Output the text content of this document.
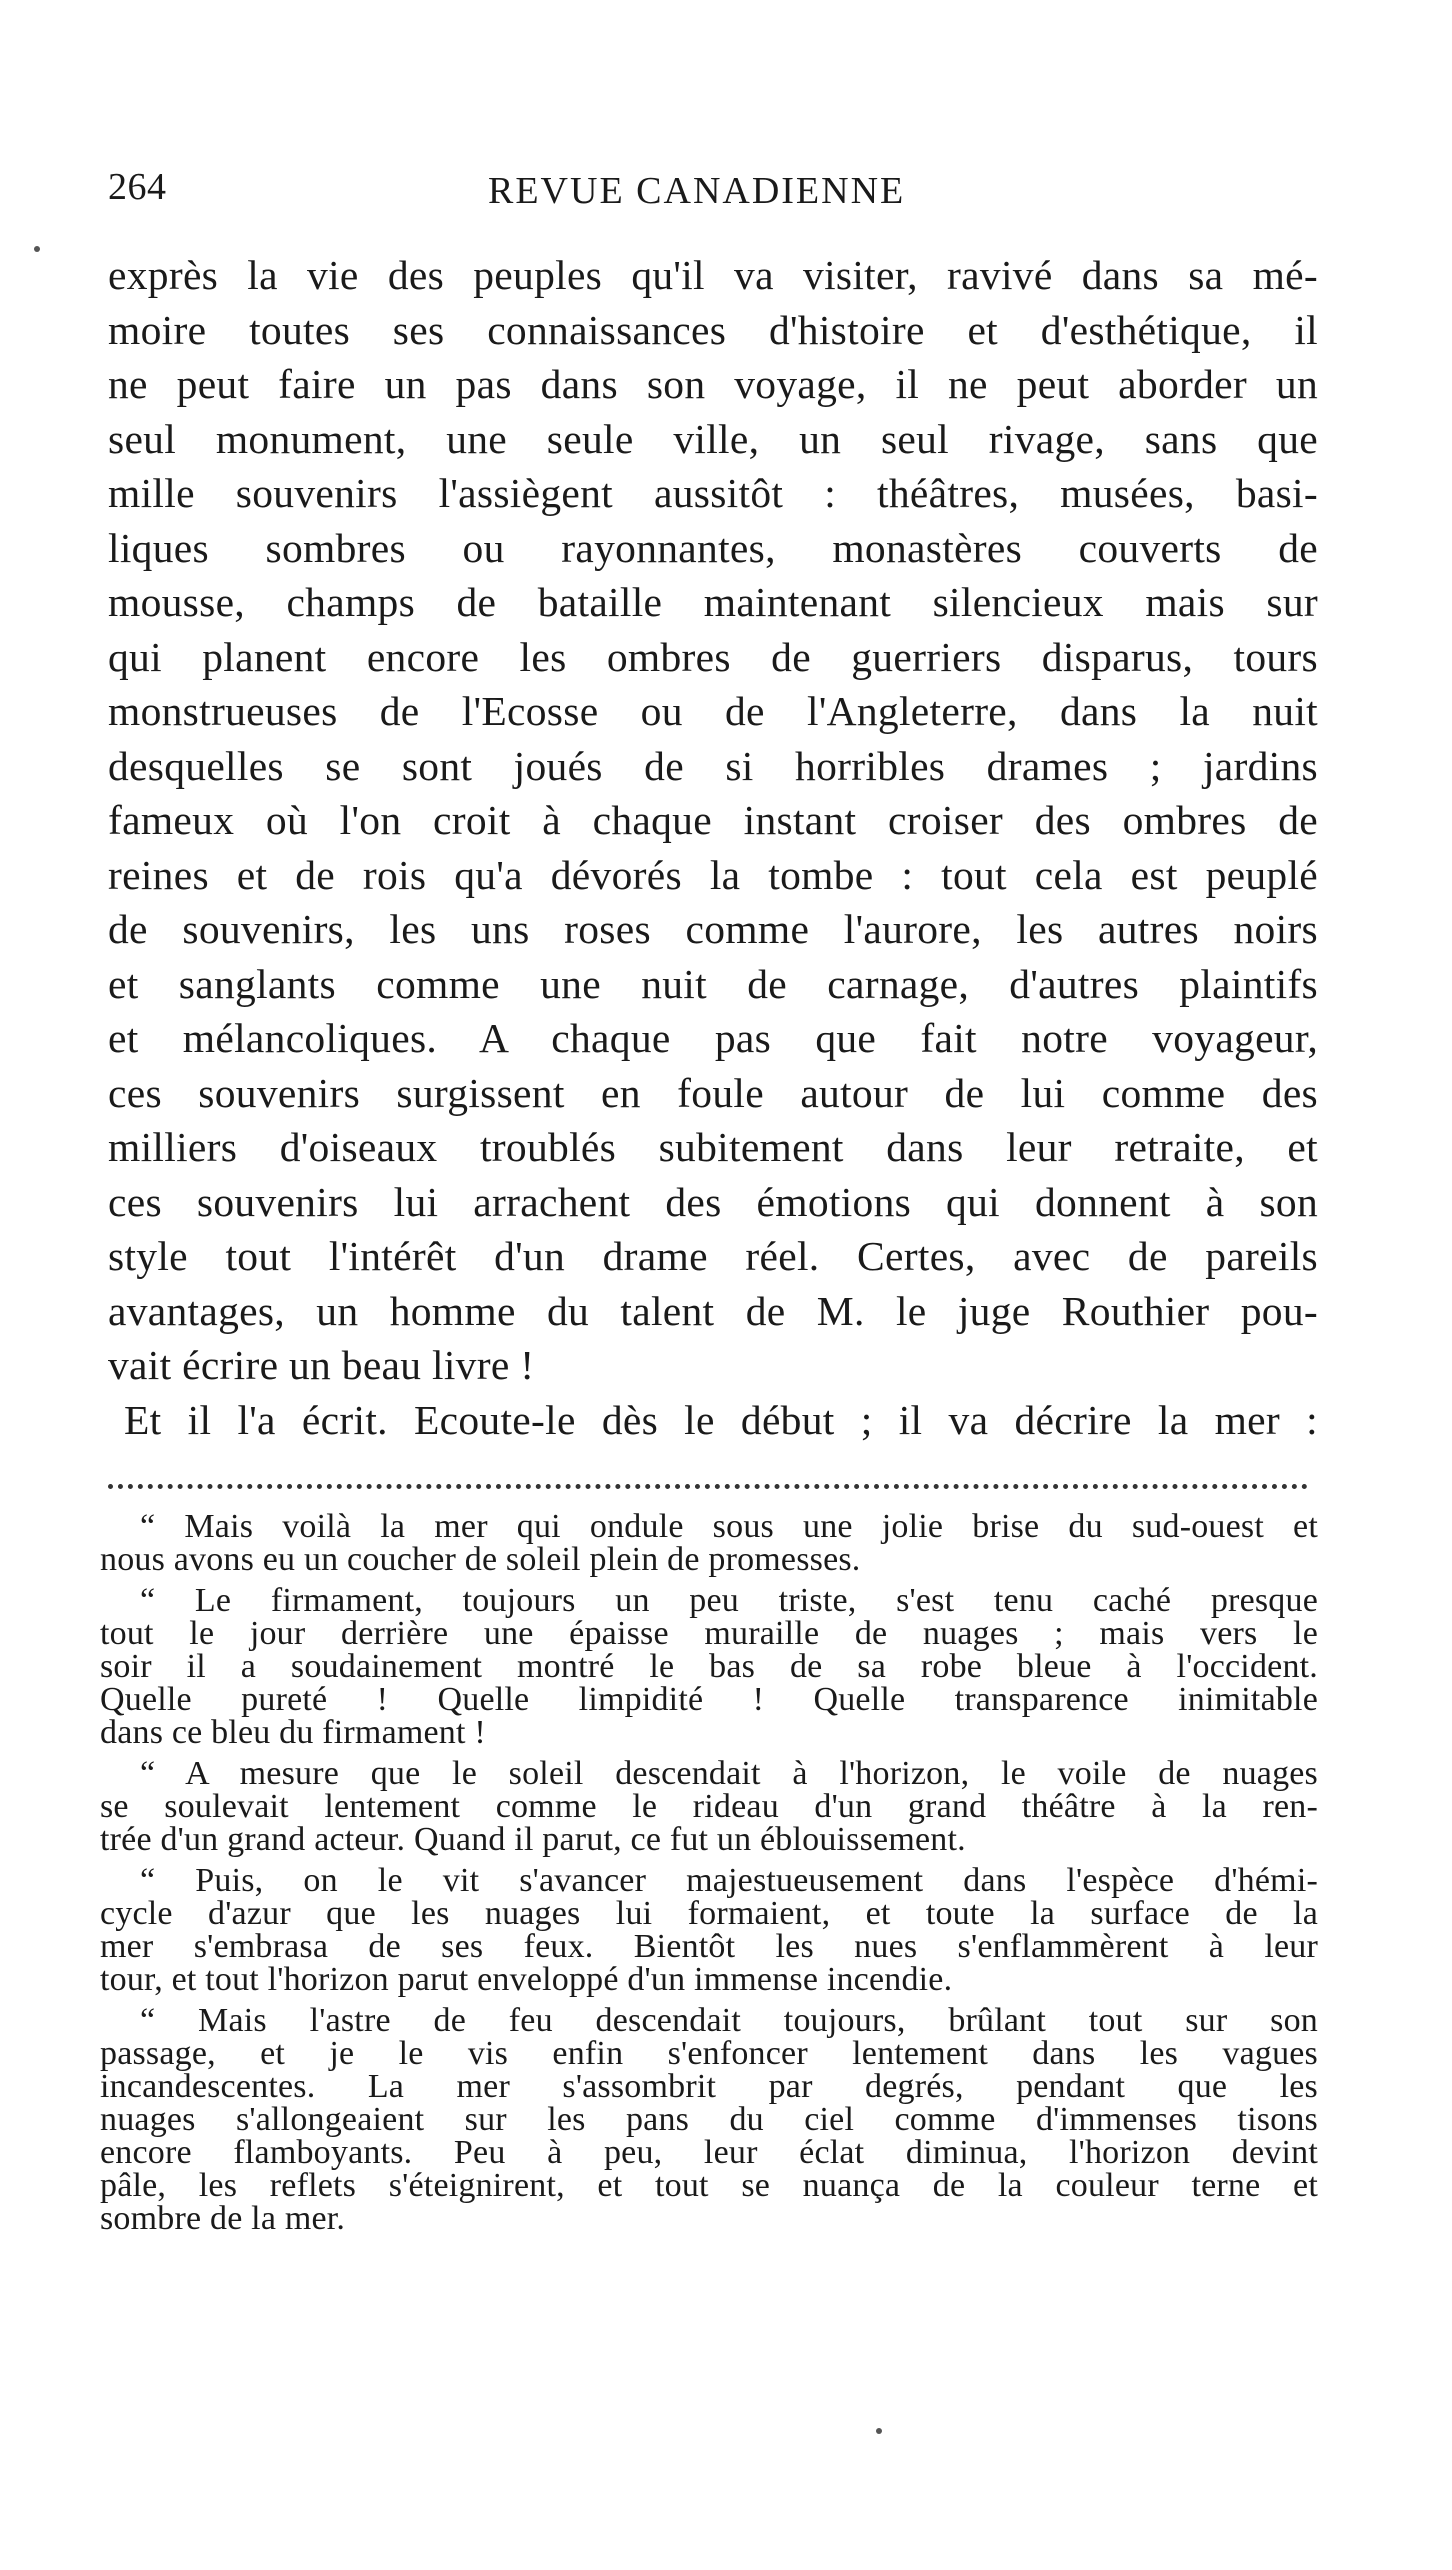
264	REVUE CANADIENNE
exprès la vie des peuples qu'il va visiter, ravivé dans sa mé-
moire toutes ses connaissances d'histoire et d'esthétique, il
ne peut faire un pas dans son voyage, il ne peut aborder un
seul monument, une seule ville, un seul rivage, sans que
mille souvenirs l'assiègent aussitôt : théâtres, musées, basi-
liques sombres ou rayonnantes, monastères couverts de
mousse, champs de bataille maintenant silencieux mais sur
qui planent encore les ombres de guerriers disparus, tours
monstrueuses de l'Ecosse ou de l'Angleterre, dans la nuit
desquelles se sont joués de si horribles drames ; jardins
fameux où l'on croit à chaque instant croiser des ombres de
reines et de rois qu'a dévorés la tombe : tout cela est peuplé
de souvenirs, les uns roses comme l'aurore, les autres noirs
et sanglants comme une nuit de carnage, d'autres plaintifs
et mélancoliques. A chaque pas que fait notre voyageur,
ces souvenirs surgissent en foule autour de lui comme des
milliers d'oiseaux troublés subitement dans leur retraite, et
ces souvenirs lui arrachent des émotions qui donnent à son
style tout l'intérêt d'un drame réel. Certes, avec de pareils
avantages, un homme du talent de M. le juge Routhier pou-
vait écrire un beau livre !
Et il l'a écrit. Ecoute-le dès le début ; il va décrire la mer :
“ Mais voilà la mer qui ondule sous une jolie brise du sud-ouest et
nous avons eu un coucher de soleil plein de promesses.
“ Le firmament, toujours un peu triste, s'est tenu caché presque
tout le jour derrière une épaisse muraille de nuages ; mais vers le
soir il a soudainement montré le bas de sa robe bleue à l'occident.
Quelle pureté ! Quelle limpidité ! Quelle transparence inimitable
dans ce bleu du firmament !
“ A mesure que le soleil descendait à l'horizon, le voile de nuages
se soulevait lentement comme le rideau d'un grand théâtre à la ren-
trée d'un grand acteur. Quand il parut, ce fut un éblouissement.
“ Puis, on le vit s'avancer majestueusement dans l'espèce d'hémi-
cycle d'azur que les nuages lui formaient, et toute la surface de la
mer s'embrasa de ses feux. Bientôt les nues s'enflammèrent à leur
tour, et tout l'horizon parut enveloppé d'un immense incendie.
“ Mais l'astre de feu descendait toujours, brûlant tout sur son
passage, et je le vis enfin s'enfoncer lentement dans les vagues
incandescentes. La mer s'assombrit par degrés, pendant que les
nuages s'allongeaient sur les pans du ciel comme d'immenses tisons
encore flamboyants. Peu à peu, leur éclat diminua, l'horizon devint
pâle, les reflets s'éteignirent, et tout se nuança de la couleur terne et
sombre de la mer.
